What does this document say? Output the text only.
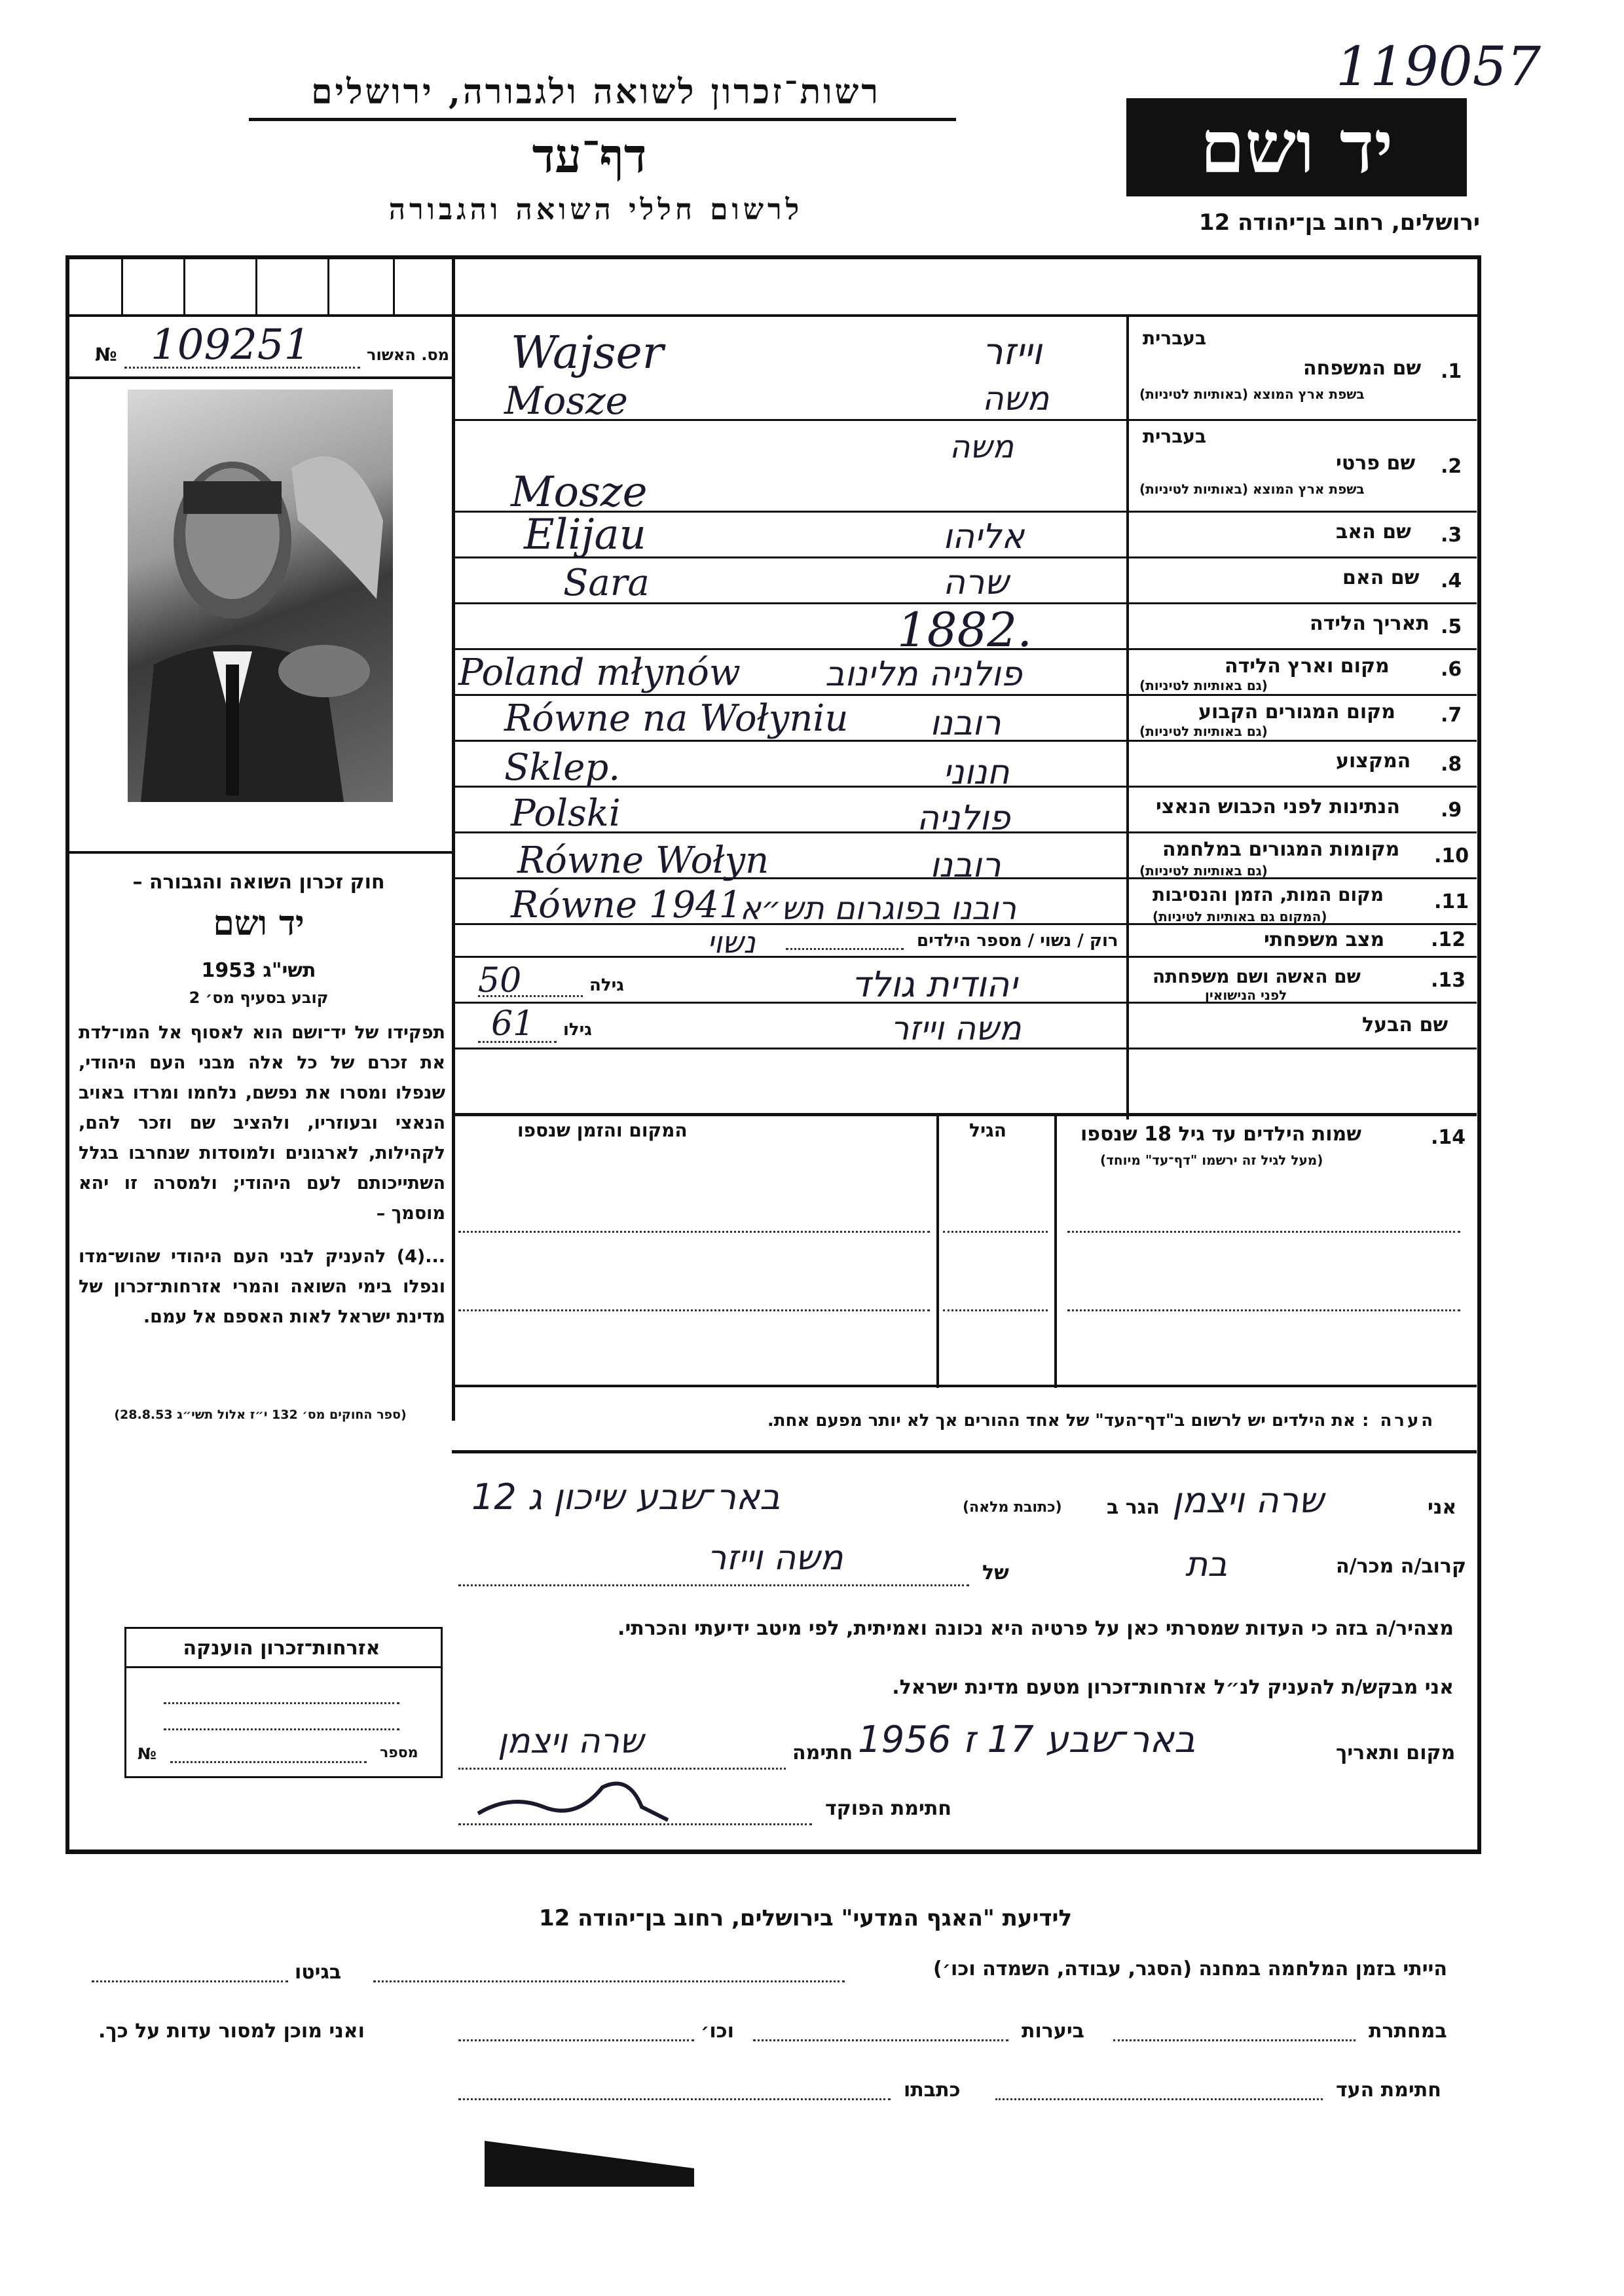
רשות־זכרון לשואה ולגבורה, ירושלים
דף־עד
לרשום חללי השואה והגבורה
יד ושם
119057
ירושלים, רחוב בן־יהודה 12
№ 109251	מס. האשור
חוק זכרון השואה והגבורה –
יד ושם
תשי"ג 1953
קובע בסעיף מס׳ 2

תפקידו של יד־ושם הוא לאסוף אל המו־לדת את זכרם של כל אלה מבני העם היהודי, שנפלו ומסרו את נפשם, נלחמו ומרדו באויב הנאצי ובעוזריו, ולהציב שם וזכר להם, לקהילות, לארגונים ולמוסדות שנחרבו בגלל השתייכותם לעם היהודי; ולמסרה זו יהא מוסמך –

...(4) להעניק לבני העם היהודי שהוש־מדו ונפלו בימי השואה והמרי אזרחות־זכרון של מדינת ישראל לאות האספם אל עמם.

(ספר החוקים מס׳ 132 י״ז אלול תשי״ג 28.8.53)
אזרחות־זכרון הוענקה
№	מספר
בעברית
1.
שם המשפחה
בשפת ארץ המוצא (באותיות לטיניות)
Wajser	וייזר
Mosze	משה
בעברית
2.
שם פרטי
בשפת ארץ המוצא (באותיות לטיניות)
משה
Mosze
3.
שם האב
Elijau	אליהו
4.
שם האם
Sara	שרה
5.
תאריך הלידה
1882.
6.
מקום וארץ הלידה
(גם באותיות לטיניות)
Poland młynów פולניה מלינוב
7.
מקום המגורים הקבוע
(גם באותיות לטיניות)
Równe na Wołyniu רובנו
8.
המקצוע
Sklep.	חנוני
9.
הנתינות לפני הכבוש הנאצי
Polski	פולניה
10.
מקומות המגורים במלחמה
(גם באותיות לטיניות)
Równe Wołyn	רובנו
11.
מקום המות, הזמן והנסיבות
(המקום גם באותיות לטיניות)
Równe 1941
רובנו בפוגרום תש״א
12.
מצב משפחתי
רוק / נשוי / מספר הילדים
נשוי
13.
שם האשה ושם משפחתה
לפני הנישואין
יהודית גולד
גילה
50
שם הבעל
משה וייזר
גילו
61
14.
שמות הילדים עד גיל 18 שנספו
(מעל לגיל זה ירשמו "דף־עד" מיוחד)
הגיל
המקום והזמן שנספו
הערה :
את הילדים יש לרשום ב"דף־העד" של אחד ההורים אך לא יותר מפעם אחת.
אני
שרה ויצמן
הגר ב
(כתובת מלאה)
באר־שבע שיכון ג 12
קרוב/ה מכר/ה
בת
של
משה וייזר
מצהיר/ה בזה כי העדות שמסרתי כאן על פרטיה היא נכונה ואמיתית, לפי מיטב ידיעתי והכרתי.
אני מבקש/ת להעניק לנ״ל אזרחות־זכרון מטעם מדינת ישראל.
מקום ותאריך
באר־שבע 17 ז 1956
חתימה
שרה ויצמן
חתימת הפוקד
לידיעת "האגף המדעי" בירושלים, רחוב בן־יהודה 12
הייתי בזמן המלחמה במחנה (הסגר, עבודה, השמדה וכו׳)
בגיטו
במחתרת
ביערות
וכו׳
ואני מוכן למסור עדות על כך.
חתימת העד
כתבתו
